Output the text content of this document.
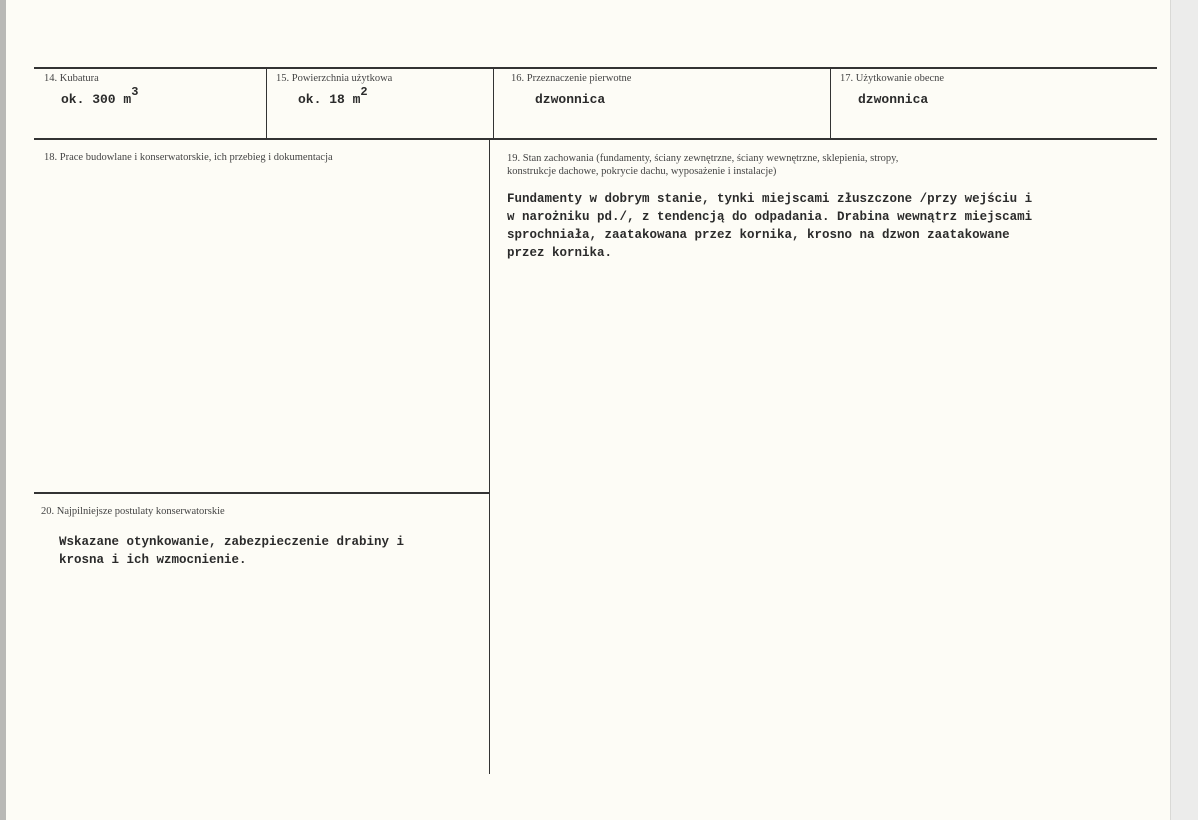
14. Kubatura
ok. 300 m3
15. Powierzchnia użytkowa
ok. 18 m2
16. Przeznaczenie pierwotne
dzwonnica
17. Użytkowanie obecne
dzwonnica
18. Prace budowlane i konserwatorskie, ich przebieg i dokumentacja	19. Stan zachowania (fundamenty, ściany zewnętrzne, ściany wewnętrzne, sklepienia, stropy,
konstrukcje dachowe, pokrycie dachu, wyposażenie i instalacje)
Fundamenty w dobrym stanie, tynki miejscami złuszczone /przy wejściu i
w narożniku pd./, z tendencją do odpadania. Drabina wewnątrz miejscami
sprochniała, zaatakowana przez kornika, krosno na dzwon zaatakowane
przez kornika.
20. Najpilniejsze postulaty konserwatorskie
Wskazane otynkowanie, zabezpieczenie drabiny i
krosna i ich wzmocnienie.
